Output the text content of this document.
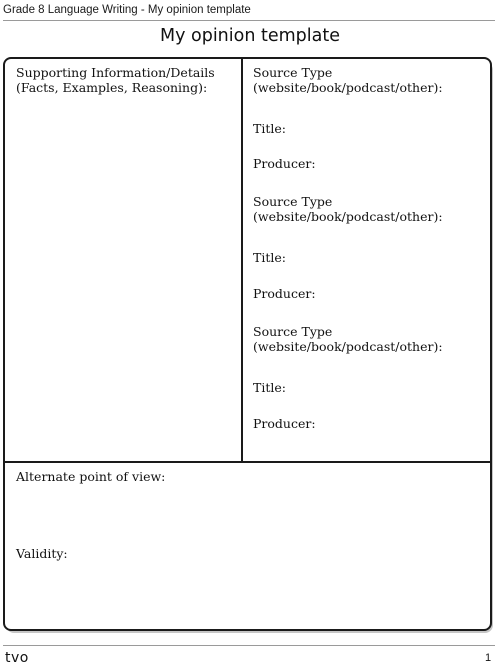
Grade 8 Language Writing - My opinion template
My opinion template
Supporting Information/Details
(Facts, Examples, Reasoning):
Source Type
(website/book/podcast/other):
Title:
Producer:
Source Type
(website/book/podcast/other):
Title:
Producer:
Source Type
(website/book/podcast/other):
Title:
Producer:
Alternate point of view:
Validity:
tvo	1
